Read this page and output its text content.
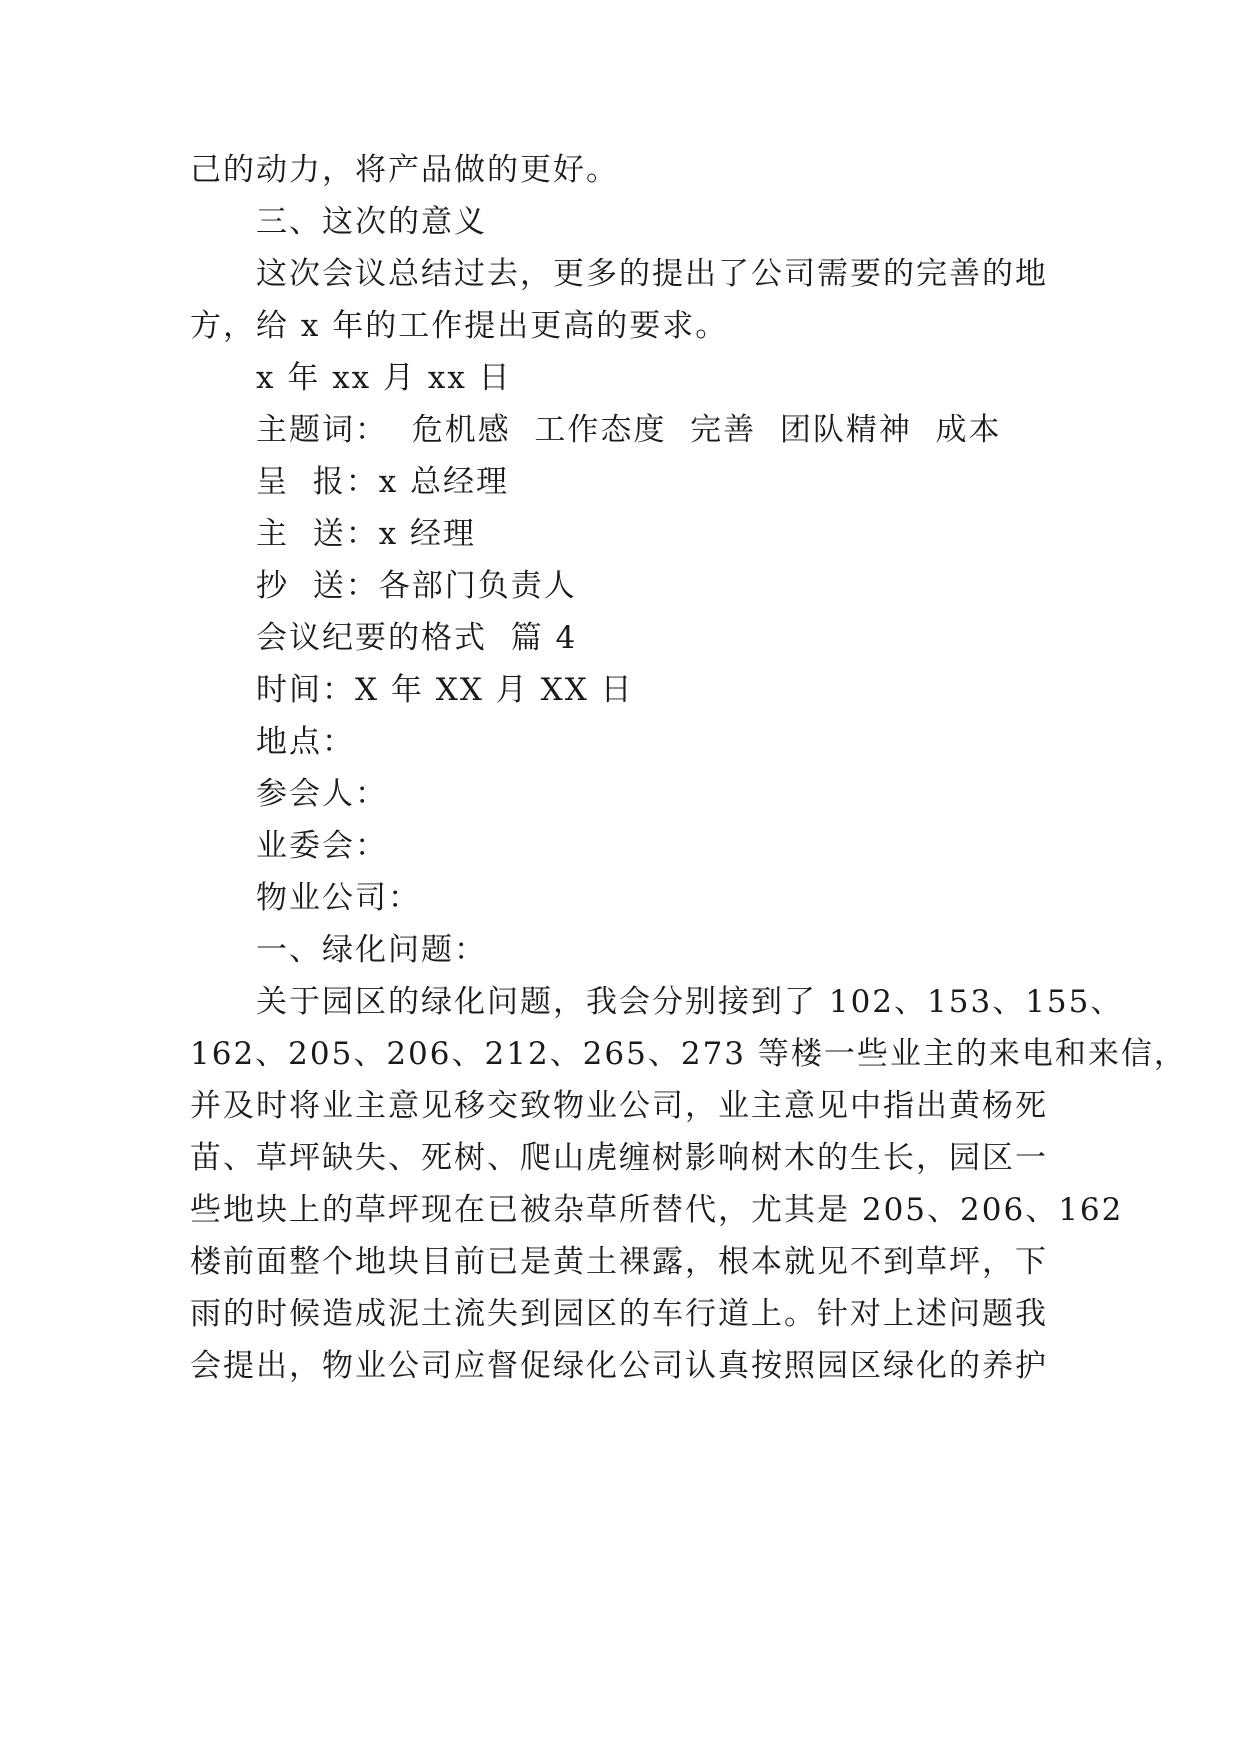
己的动力，将产品做的更好。
三、这次的意义
这次会议总结过去，更多的提出了公司需要的完善的地
方，给 x 年的工作提出更高的要求。
x 年 xx 月 xx 日
主题词：  危机感  工作态度  完善  团队精神  成本
呈  报：x 总经理
主  送：x 经理
抄  送：各部门负责人
会议纪要的格式  篇 4
时间：X 年 XX 月 XX 日
地点：
参会人：
业委会：
物业公司：
一、绿化问题：
关于园区的绿化问题，我会分别接到了 102、153、155、
162、205、206、212、265、273 等楼一些业主的来电和来信，
并及时将业主意见移交致物业公司，业主意见中指出黄杨死
苗、草坪缺失、死树、爬山虎缠树影响树木的生长，园区一
些地块上的草坪现在已被杂草所替代，尤其是 205、206、162
楼前面整个地块目前已是黄土裸露，根本就见不到草坪，下
雨的时候造成泥土流失到园区的车行道上。针对上述问题我
会提出，物业公司应督促绿化公司认真按照园区绿化的养护
